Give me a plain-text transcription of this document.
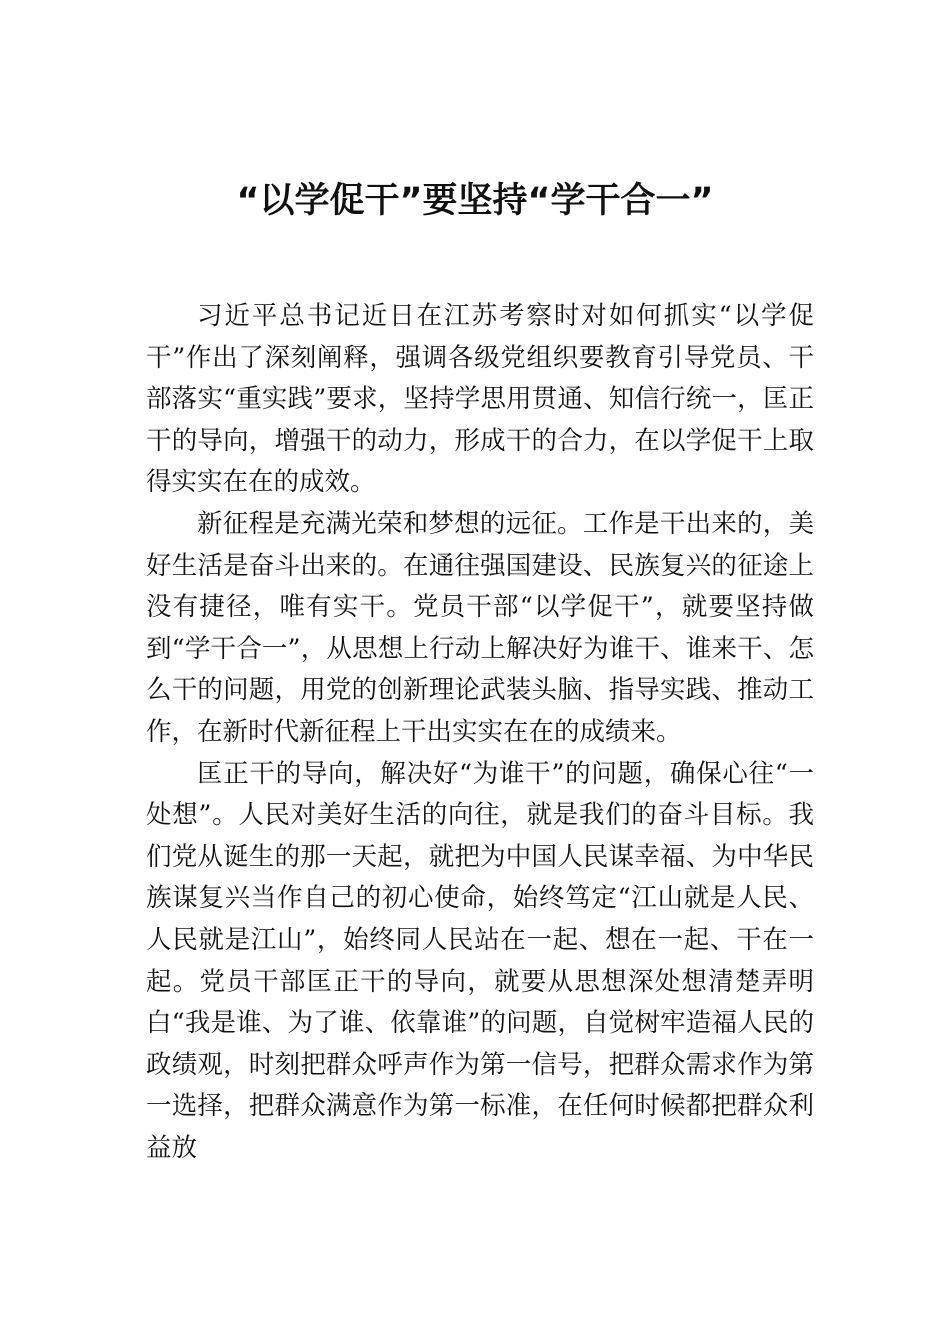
“以学促干”要坚持“学干合一”

习近平总书记近日在江苏考察时对如何抓实“以学促干”作出了深刻阐释，强调各级党组织要教育引导党员、干部落实“重实践”要求，坚持学思用贯通、知信行统一，匡正干的导向，增强干的动力，形成干的合力，在以学促干上取得实实在在的成效。

新征程是充满光荣和梦想的远征。工作是干出来的，美好生活是奋斗出来的。在通往强国建设、民族复兴的征途上没有捷径，唯有实干。党员干部“以学促干”，就要坚持做到“学干合一”，从思想上行动上解决好为谁干、谁来干、怎么干的问题，用党的创新理论武装头脑、指导实践、推动工作，在新时代新征程上干出实实在在的成绩来。

匡正干的导向，解决好“为谁干”的问题，确保心往“一处想”。人民对美好生活的向往，就是我们的奋斗目标。我们党从诞生的那一天起，就把为中国人民谋幸福、为中华民族谋复兴当作自己的初心使命，始终笃定“江山就是人民、人民就是江山”，始终同人民站在一起、想在一起、干在一起。党员干部匡正干的导向，就要从思想深处想清楚弄明白“我是谁、为了谁、依靠谁”的问题，自觉树牢造福人民的政绩观，时刻把群众呼声作为第一信号，把群众需求作为第一选择，把群众满意作为第一标准，在任何时候都把群众利益放
